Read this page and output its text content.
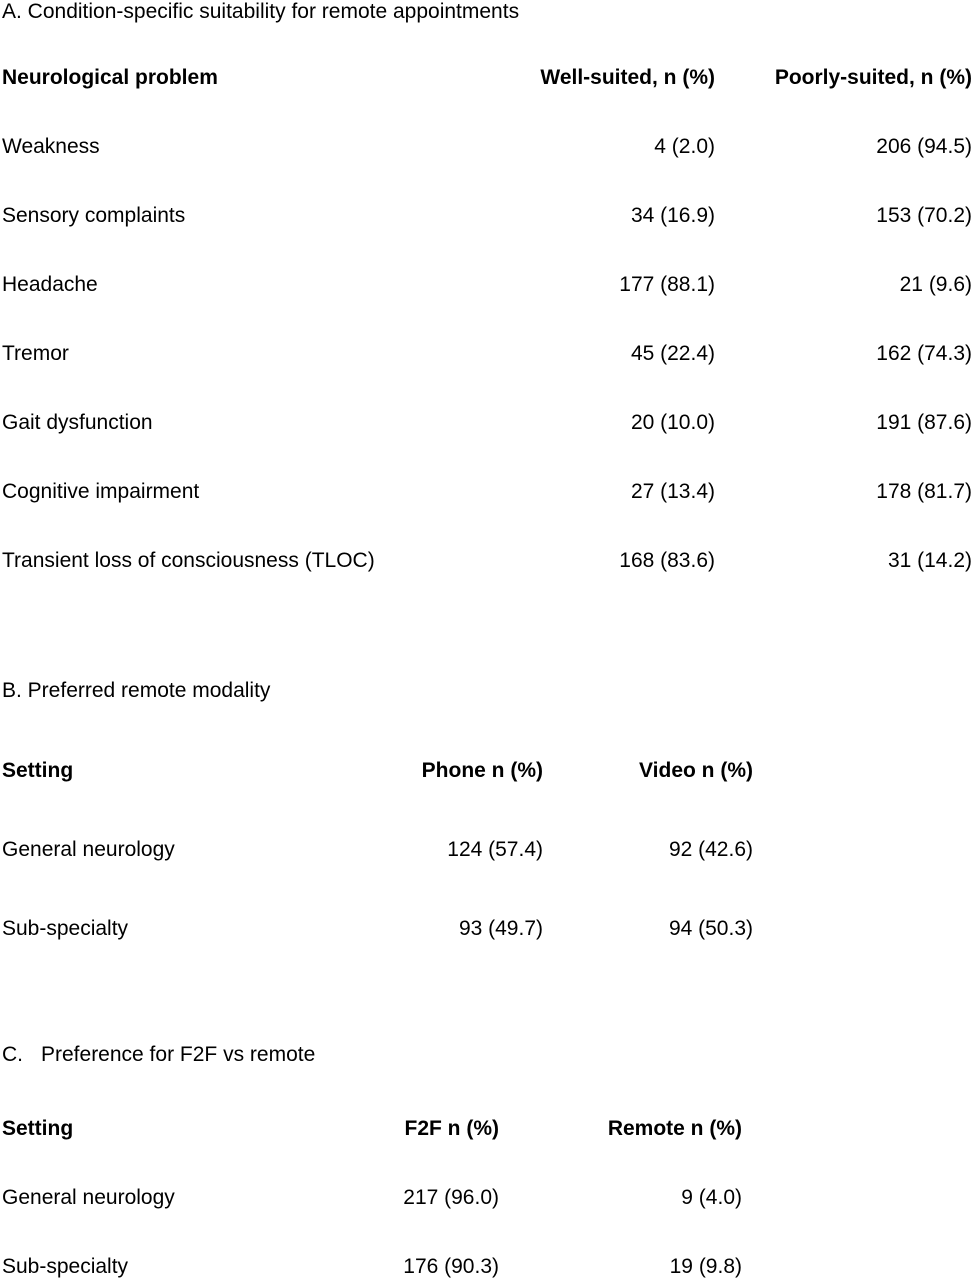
A. Condition-specific suitability for remote appointments
Neurological problem	Well-suited, n (%)	Poorly-suited, n (%)
Weakness	4 (2.0)	206 (94.5)
Sensory complaints	34 (16.9)	153 (70.2)
Headache	177 (88.1)	21 (9.6)
Tremor	45 (22.4)	162 (74.3)
Gait dysfunction	20 (10.0)	191 (87.6)
Cognitive impairment	27 (13.4)	178 (81.7)
Transient loss of consciousness (TLOC)	168 (83.6)	31 (14.2)
B. Preferred remote modality
Setting	Phone n (%)	Video n (%)
General neurology	124 (57.4)	92 (42.6)
Sub-specialty	93 (49.7)	94 (50.3)
C. Preference for F2F vs remote
Setting	F2F n (%)	Remote n (%)
General neurology	217 (96.0)	9 (4.0)
Sub-specialty	176 (90.3)	19 (9.8)
